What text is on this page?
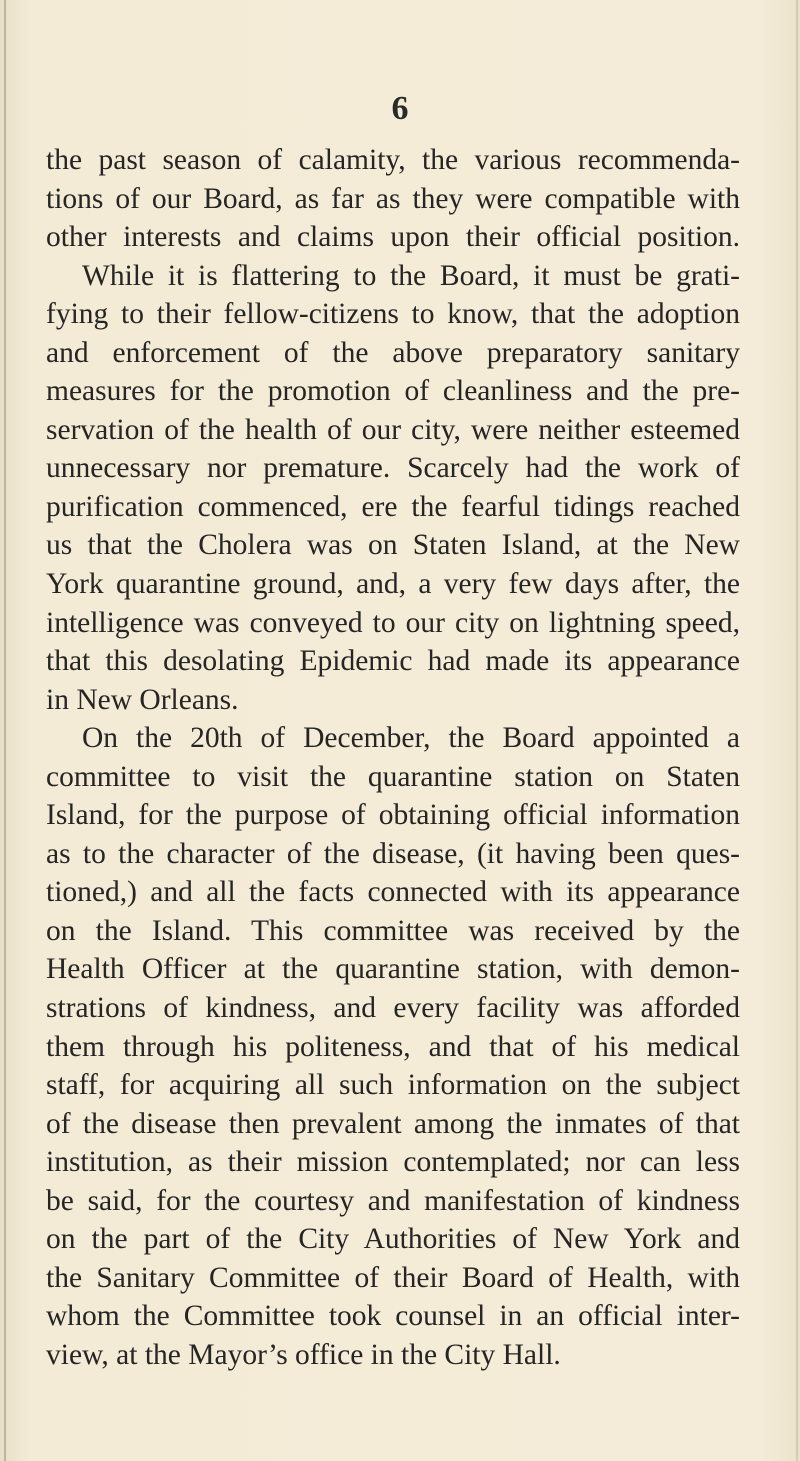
6
the past season of calamity, the various recommenda-
tions of our Board, as far as they were compatible with
other interests and claims upon their official position.
While it is flattering to the Board, it must be grati-
fying to their fellow-citizens to know, that the adoption
and enforcement of the above preparatory sanitary
measures for the promotion of cleanliness and the pre-
servation of the health of our city, were neither esteemed
unnecessary nor premature. Scarcely had the work of
purification commenced, ere the fearful tidings reached
us that the Cholera was on Staten Island, at the New
York quarantine ground, and, a very few days after, the
intelligence was conveyed to our city on lightning speed,
that this desolating Epidemic had made its appearance
in New Orleans.
On the 20th of December, the Board appointed a
committee to visit the quarantine station on Staten
Island, for the purpose of obtaining official information
as to the character of the disease, (it having been ques-
tioned,) and all the facts connected with its appearance
on the Island. This committee was received by the
Health Officer at the quarantine station, with demon-
strations of kindness, and every facility was afforded
them through his politeness, and that of his medical
staff, for acquiring all such information on the subject
of the disease then prevalent among the inmates of that
institution, as their mission contemplated; nor can less
be said, for the courtesy and manifestation of kindness
on the part of the City Authorities of New York and
the Sanitary Committee of their Board of Health, with
whom the Committee took counsel in an official inter-
view, at the Mayor’s office in the City Hall.
